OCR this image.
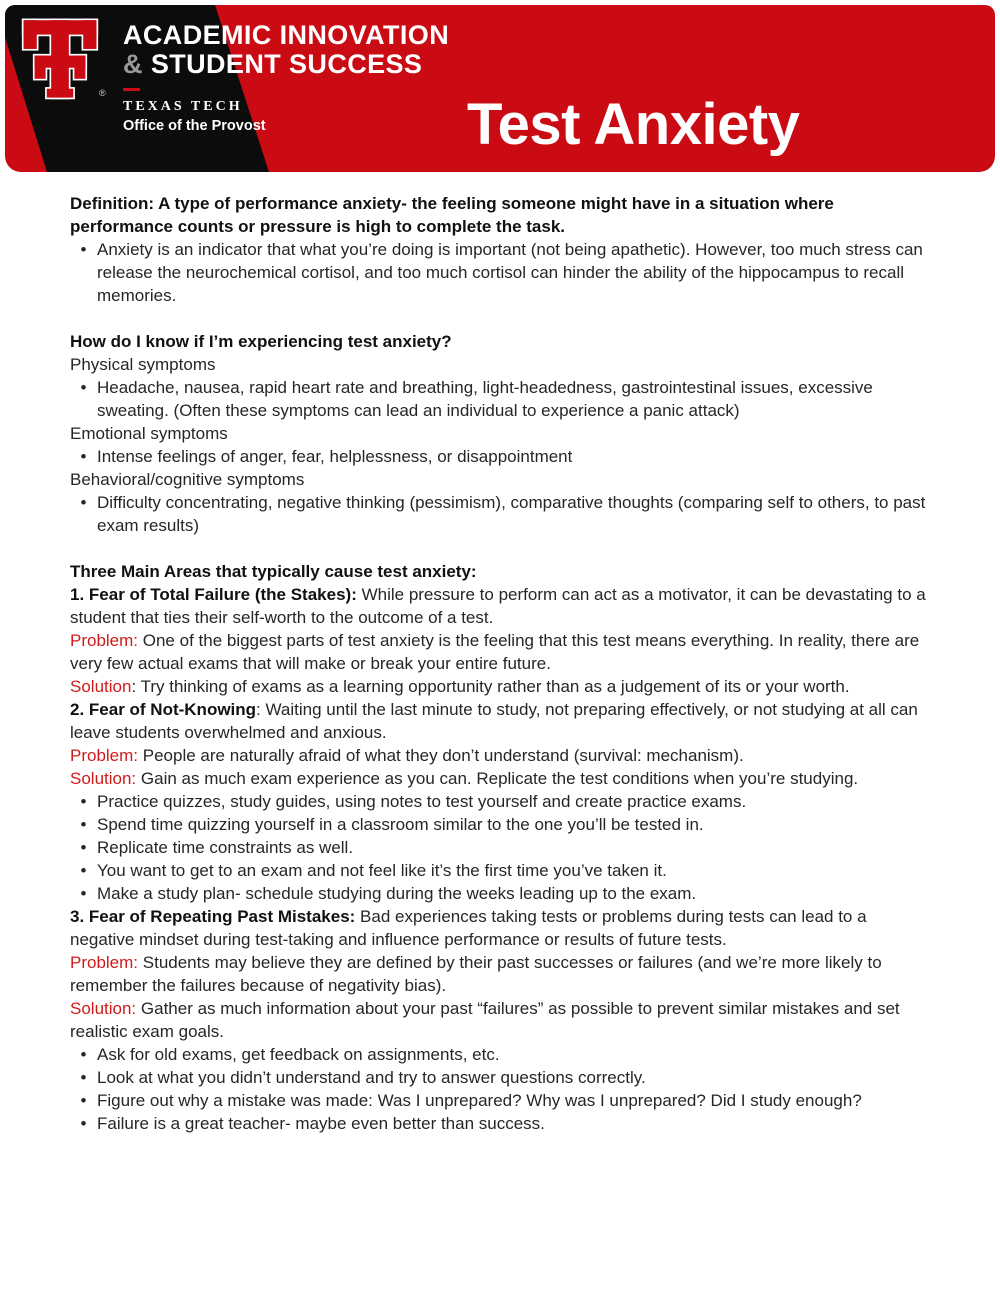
®
ACADEMIC INNOVATION
& STUDENT SUCCESS
TEXAS TECH
Office of the Provost	Test Anxiety

Definition: A type of performance anxiety- the feeling someone might have in a situation where performance counts or pressure is high to complete the task.

• Anxiety is an indicator that what you’re doing is important (not being apathetic). However, too much stress can release the neurochemical cortisol, and too much cortisol can hinder the ability of the hippocampus to recall memories.

How do I know if I’m experiencing test anxiety?

Physical symptoms

• Headache, nausea, rapid heart rate and breathing, light-headedness, gastrointestinal issues, excessive sweating. (Often these symptoms can lead an individual to experience a panic attack)

Emotional symptoms

• Intense feelings of anger, fear, helplessness, or disappointment

Behavioral/cognitive symptoms

• Difficulty concentrating, negative thinking (pessimism), comparative thoughts (comparing self to others, to past exam results)

Three Main Areas that typically cause test anxiety:

1. Fear of Total Failure (the Stakes): While pressure to perform can act as a motivator, it can be devastating to a student that ties their self-worth to the outcome of a test.

Problem: One of the biggest parts of test anxiety is the feeling that this test means everything. In reality, there are very few actual exams that will make or break your entire future.

Solution: Try thinking of exams as a learning opportunity rather than as a judgement of its or your worth.

2. Fear of Not-Knowing: Waiting until the last minute to study, not preparing effectively, or not studying at all can leave students overwhelmed and anxious.

Problem: People are naturally afraid of what they don’t understand (survival: mechanism).

Solution: Gain as much exam experience as you can. Replicate the test conditions when you’re studying.

• Practice quizzes, study guides, using notes to test yourself and create practice exams.
• Spend time quizzing yourself in a classroom similar to the one you’ll be tested in.
• Replicate time constraints as well.
• You want to get to an exam and not feel like it’s the first time you’ve taken it.
• Make a study plan- schedule studying during the weeks leading up to the exam.

3. Fear of Repeating Past Mistakes: Bad experiences taking tests or problems during tests can lead to a negative mindset during test-taking and influence performance or results of future tests.

Problem: Students may believe they are defined by their past successes or failures (and we’re more likely to remember the failures because of negativity bias).

Solution: Gather as much information about your past “failures” as possible to prevent similar mistakes and set realistic exam goals.

• Ask for old exams, get feedback on assignments, etc.
• Look at what you didn’t understand and try to answer questions correctly.
• Figure out why a mistake was made: Was I unprepared? Why was I unprepared? Did I study enough?
• Failure is a great teacher- maybe even better than success.
